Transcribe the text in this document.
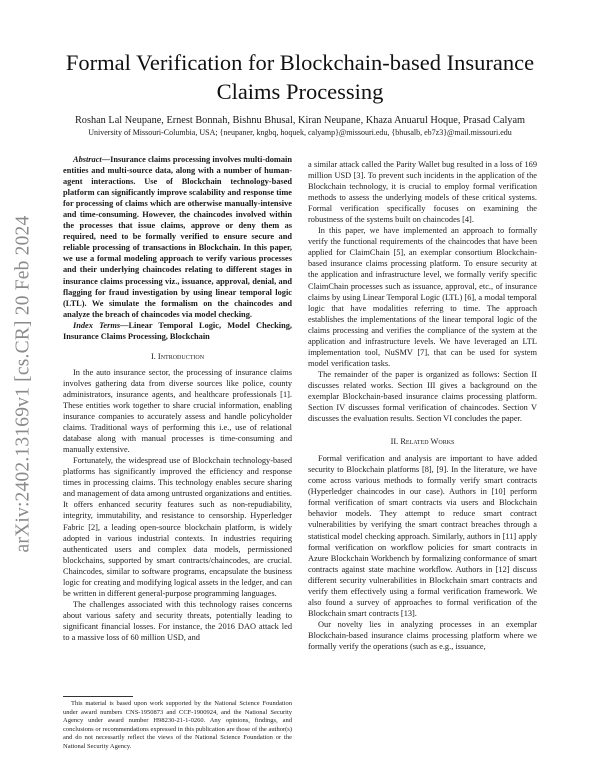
arXiv:2402.13169v1 [cs.CR] 20 Feb 2024
Formal Verification for Blockchain-based Insurance Claims Processing

Roshan Lal Neupane, Ernest Bonnah, Bishnu Bhusal, Kiran Neupane, Khaza Anuarul Hoque, Prasad Calyam

University of Missouri-Columbia, USA; {neupaner, kngbq, hoquek, calyamp}@missouri.edu, {bhusalb, eb7z3}@mail.missouri.edu

Abstract—Insurance claims processing involves multi-domain entities and multi-source data, along with a number of human-agent interactions. Use of Blockchain technology-based platform can significantly improve scalability and response time for processing of claims which are otherwise manually-intensive and time-consuming. However, the chaincodes involved within the processes that issue claims, approve or deny them as required, need to be formally verified to ensure secure and reliable processing of transactions in Blockchain. In this paper, we use a formal modeling approach to verify various processes and their underlying chaincodes relating to different stages in insurance claims processing viz., issuance, approval, denial, and flagging for fraud investigation by using linear temporal logic (LTL). We simulate the formalism on the chaincodes and analyze the breach of chaincodes via model checking.

Index Terms—Linear Temporal Logic, Model Checking, Insurance Claims Processing, Blockchain

I. Introduction

In the auto insurance sector, the processing of insurance claims involves gathering data from diverse sources like police, county administrators, insurance agents, and healthcare professionals [1]. These entities work together to share crucial information, enabling insurance companies to accurately assess and handle policyholder claims. Traditional ways of performing this i.e., use of relational database along with manual processes is time-consuming and manually extensive.

Fortunately, the widespread use of Blockchain technology-based platforms has significantly improved the efficiency and response times in processing claims. This technology enables secure sharing and management of data among untrusted organizations and entities. It offers enhanced security features such as non-repudiability, integrity, immutability, and resistance to censorship. Hyperledger Fabric [2], a leading open-source blockchain platform, is widely adopted in various industrial contexts. In industries requiring authenticated users and complex data models, permissioned blockchains, supported by smart contracts/chaincodes, are crucial. Chaincodes, similar to software programs, encapsulate the business logic for creating and modifying logical assets in the ledger, and can be written in different general-purpose programming languages.

The challenges associated with this technology raises concerns about various safety and security threats, potentially leading to significant financial losses. For instance, the 2016 DAO attack led to a massive loss of 60 million USD, and

This material is based upon work supported by the National Science Foundation under award numbers CNS-1950873 and CCF-1900924, and the National Security Agency under award number H98230-21-1-0260. Any opinions, findings, and conclusions or recommendations expressed in this publication are those of the author(s) and do not necessarily reflect the views of the National Science Foundation or the National Security Agency.

a similar attack called the Parity Wallet bug resulted in a loss of 169 million USD [3]. To prevent such incidents in the application of the Blockchain technology, it is crucial to employ formal verification methods to assess the underlying models of these critical systems. Formal verification specifically focuses on examining the robustness of the systems built on chaincodes [4].

In this paper, we have implemented an approach to formally verify the functional requirements of the chaincodes that have been applied for ClaimChain [5], an exemplar consortium Blockchain-based insurance claims processing platform. To ensure security at the application and infrastructure level, we formally verify specific ClaimChain processes such as issuance, approval, etc., of insurance claims by using Linear Temporal Logic (LTL) [6], a modal temporal logic that have modalities referring to time. The approach establishes the implementations of the linear temporal logic of the claims processing and verifies the compliance of the system at the application and infrastructure levels. We have leveraged an LTL implementation tool, NuSMV [7], that can be used for system model verification tasks.

The remainder of the paper is organized as follows: Section II discusses related works. Section III gives a background on the exemplar Blockchain-based insurance claims processing platform. Section IV discusses formal verification of chaincodes. Section V discusses the evaluation results. Section VI concludes the paper.

II. Related Works

Formal verification and analysis are important to have added security to Blockchain platforms [8], [9]. In the literature, we have come across various methods to formally verify smart contracts (Hyperledger chaincodes in our case). Authors in [10] perform formal verification of smart contracts via users and Blockchain behavior models. They attempt to reduce smart contract vulnerabilities by verifying the smart contract breaches through a statistical model checking approach. Similarly, authors in [11] apply formal verification on workflow policies for smart contracts in Azure Blockchain Workbench by formalizing conformance of smart contracts against state machine workflow. Authors in [12] discuss different security vulnerabilities in Blockchain smart contracts and verify them effectively using a formal verification framework. We also found a survey of approaches to formal verification of the Blockchain smart contracts [13].

Our novelty lies in analyzing processes in an exemplar Blockchain-based insurance claims processing platform where we formally verify the operations (such as e.g., issuance,
